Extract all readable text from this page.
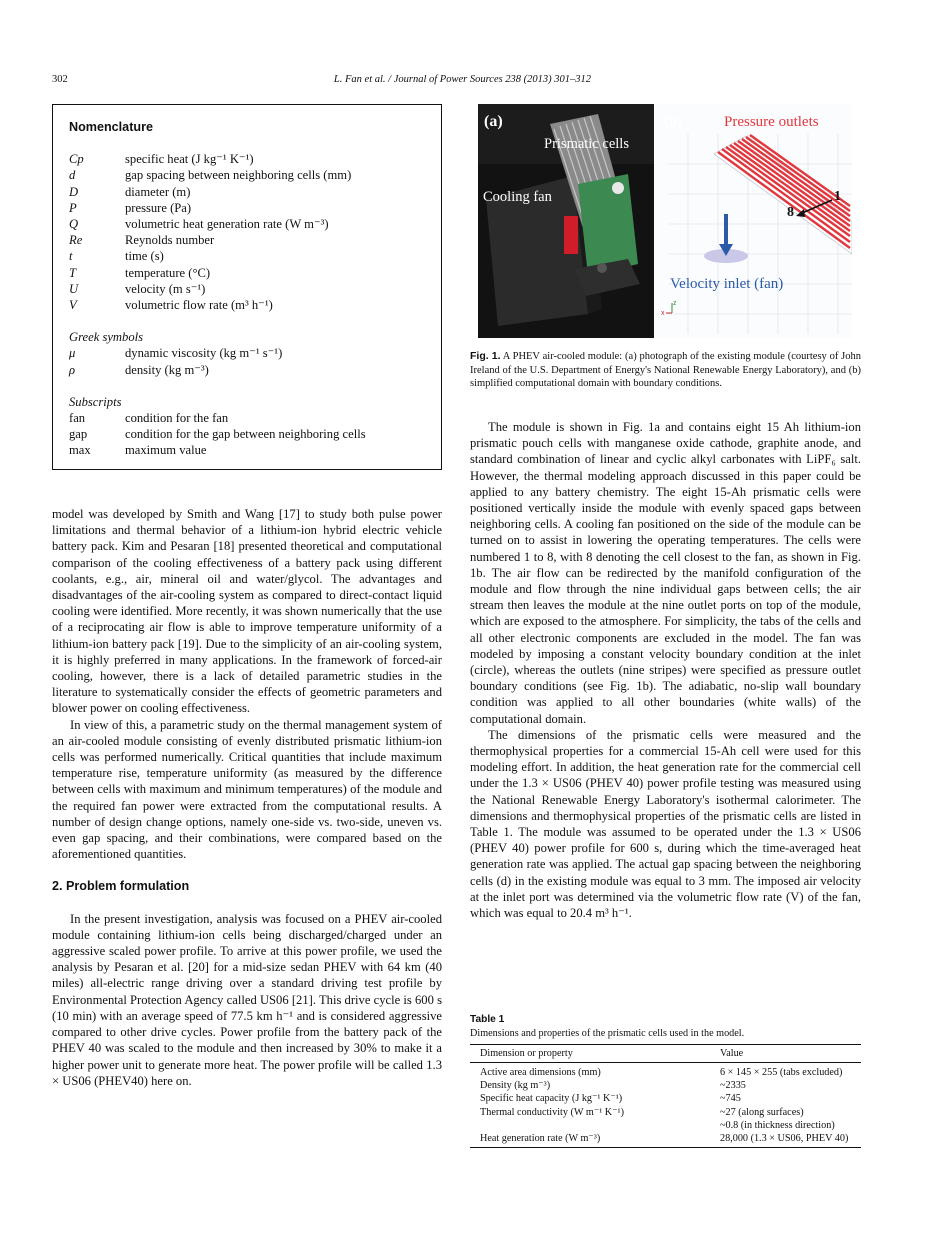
302	L. Fan et al. / Journal of Power Sources 238 (2013) 301–312
Nomenclature
Cp	specific heat (J kg⁻¹ K⁻¹)
d	gap spacing between neighboring cells (mm)
D	diameter (m)
P	pressure (Pa)
Q	volumetric heat generation rate (W m⁻³)
Re	Reynolds number
t	time (s)
T	temperature (°C)
U	velocity (m s⁻¹)
V	volumetric flow rate (m³ h⁻¹)
Greek symbols
μ	dynamic viscosity (kg m⁻¹ s⁻¹)
ρ	density (kg m⁻³)
Subscripts
fan	condition for the fan
gap	condition for the gap between neighboring cells
max	maximum value

model was developed by Smith and Wang [17] to study both pulse power limitations and thermal behavior of a lithium-ion hybrid electric vehicle battery pack. Kim and Pesaran [18] presented theoretical and computational comparison of the cooling effectiveness of a battery pack using different coolants, e.g., air, mineral oil and water/glycol. The advantages and disadvantages of the air-cooling system as compared to direct-contact liquid cooling were identified. More recently, it was shown numerically that the use of a reciprocating air flow is able to improve temperature uniformity of a lithium-ion battery pack [19]. Due to the simplicity of an air-cooling system, it is highly preferred in many applications. In the framework of forced-air cooling, however, there is a lack of detailed parametric studies in the literature to systematically consider the effects of geometric parameters and blower power on cooling effectiveness.

In view of this, a parametric study on the thermal management system of an air-cooled module consisting of evenly distributed prismatic lithium-ion cells was performed numerically. Critical quantities that include maximum temperature rise, temperature uniformity (as measured by the difference between cells with maximum and minimum temperatures) of the module and the required fan power were extracted from the computational results. A number of design change options, namely one-side vs. two-side, uneven vs. even gap spacing, and their combinations, were compared based on the aforementioned quantities.

2. Problem formulation

In the present investigation, analysis was focused on a PHEV air-cooled module containing lithium-ion cells being discharged/charged under an aggressive scaled power profile. To arrive at this power profile, we used the analysis by Pesaran et al. [20] for a mid-size sedan PHEV with 64 km (40 miles) all-electric range driving over a standard driving test profile by Environmental Protection Agency called US06 [21]. This drive cycle is 600 s (10 min) with an average speed of 77.5 km h⁻¹ and is considered aggressive compared to other drive cycles. Power profile from the battery pack of the PHEV 40 was scaled to the module and then increased by 30% to make it a higher power unit to generate more heat. The power profile will be called 1.3 × US06 (PHEV40) here on.

(a)
Prismatic cells
Cooling fan
(b)	Pressure outlets
8
1
Velocity inlet (fan)
z
x
Fig. 1. A PHEV air-cooled module: (a) photograph of the existing module (courtesy of John Ireland of the U.S. Department of Energy's National Renewable Energy Laboratory), and (b) simplified computational domain with boundary conditions.

The module is shown in Fig. 1a and contains eight 15 Ah lithium-ion prismatic pouch cells with manganese oxide cathode, graphite anode, and standard combination of linear and cyclic alkyl carbonates with LiPF₆ salt. However, the thermal modeling approach discussed in this paper could be applied to any battery chemistry. The eight 15-Ah prismatic cells were positioned vertically inside the module with evenly spaced gaps between neighboring cells. A cooling fan positioned on the side of the module can be turned on to assist in lowering the operating temperatures. The cells were numbered 1 to 8, with 8 denoting the cell closest to the fan, as shown in Fig. 1b. The air flow can be redirected by the manifold configuration of the module and flow through the nine individual gaps between cells; the air stream then leaves the module at the nine outlet ports on top of the module, which are exposed to the atmosphere. For simplicity, the tabs of the cells and all other electronic components are excluded in the model. The fan was modeled by imposing a constant velocity boundary condition at the inlet (circle), whereas the outlets (nine stripes) were specified as pressure outlet boundary conditions (see Fig. 1b). The adiabatic, no-slip wall boundary condition was applied to all other boundaries (white walls) of the computational domain.

The dimensions of the prismatic cells were measured and the thermophysical properties for a commercial 15-Ah cell were used for this modeling effort. In addition, the heat generation rate for the commercial cell under the 1.3 × US06 (PHEV 40) power profile testing was measured using the National Renewable Energy Laboratory's isothermal calorimeter. The dimensions and thermophysical properties of the prismatic cells are listed in Table 1. The module was assumed to be operated under the 1.3 × US06 (PHEV 40) power profile for 600 s, during which the time-averaged heat generation rate was applied. The actual gap spacing between the neighboring cells (d) in the existing module was equal to 3 mm. The imposed air velocity at the inlet port was determined via the volumetric flow rate (V) of the fan, which was equal to 20.4 m³ h⁻¹.

Table 1
Dimensions and properties of the prismatic cells used in the model.
Dimension or property	Value
Active area dimensions (mm)	6 × 145 × 255 (tabs excluded)
Density (kg m⁻³)	~2335
Specific heat capacity (J kg⁻¹ K⁻¹)	~745
Thermal conductivity (W m⁻¹ K⁻¹)	~27 (along surfaces)
	~0.8 (in thickness direction)
Heat generation rate (W m⁻³)	28,000 (1.3 × US06, PHEV 40)
